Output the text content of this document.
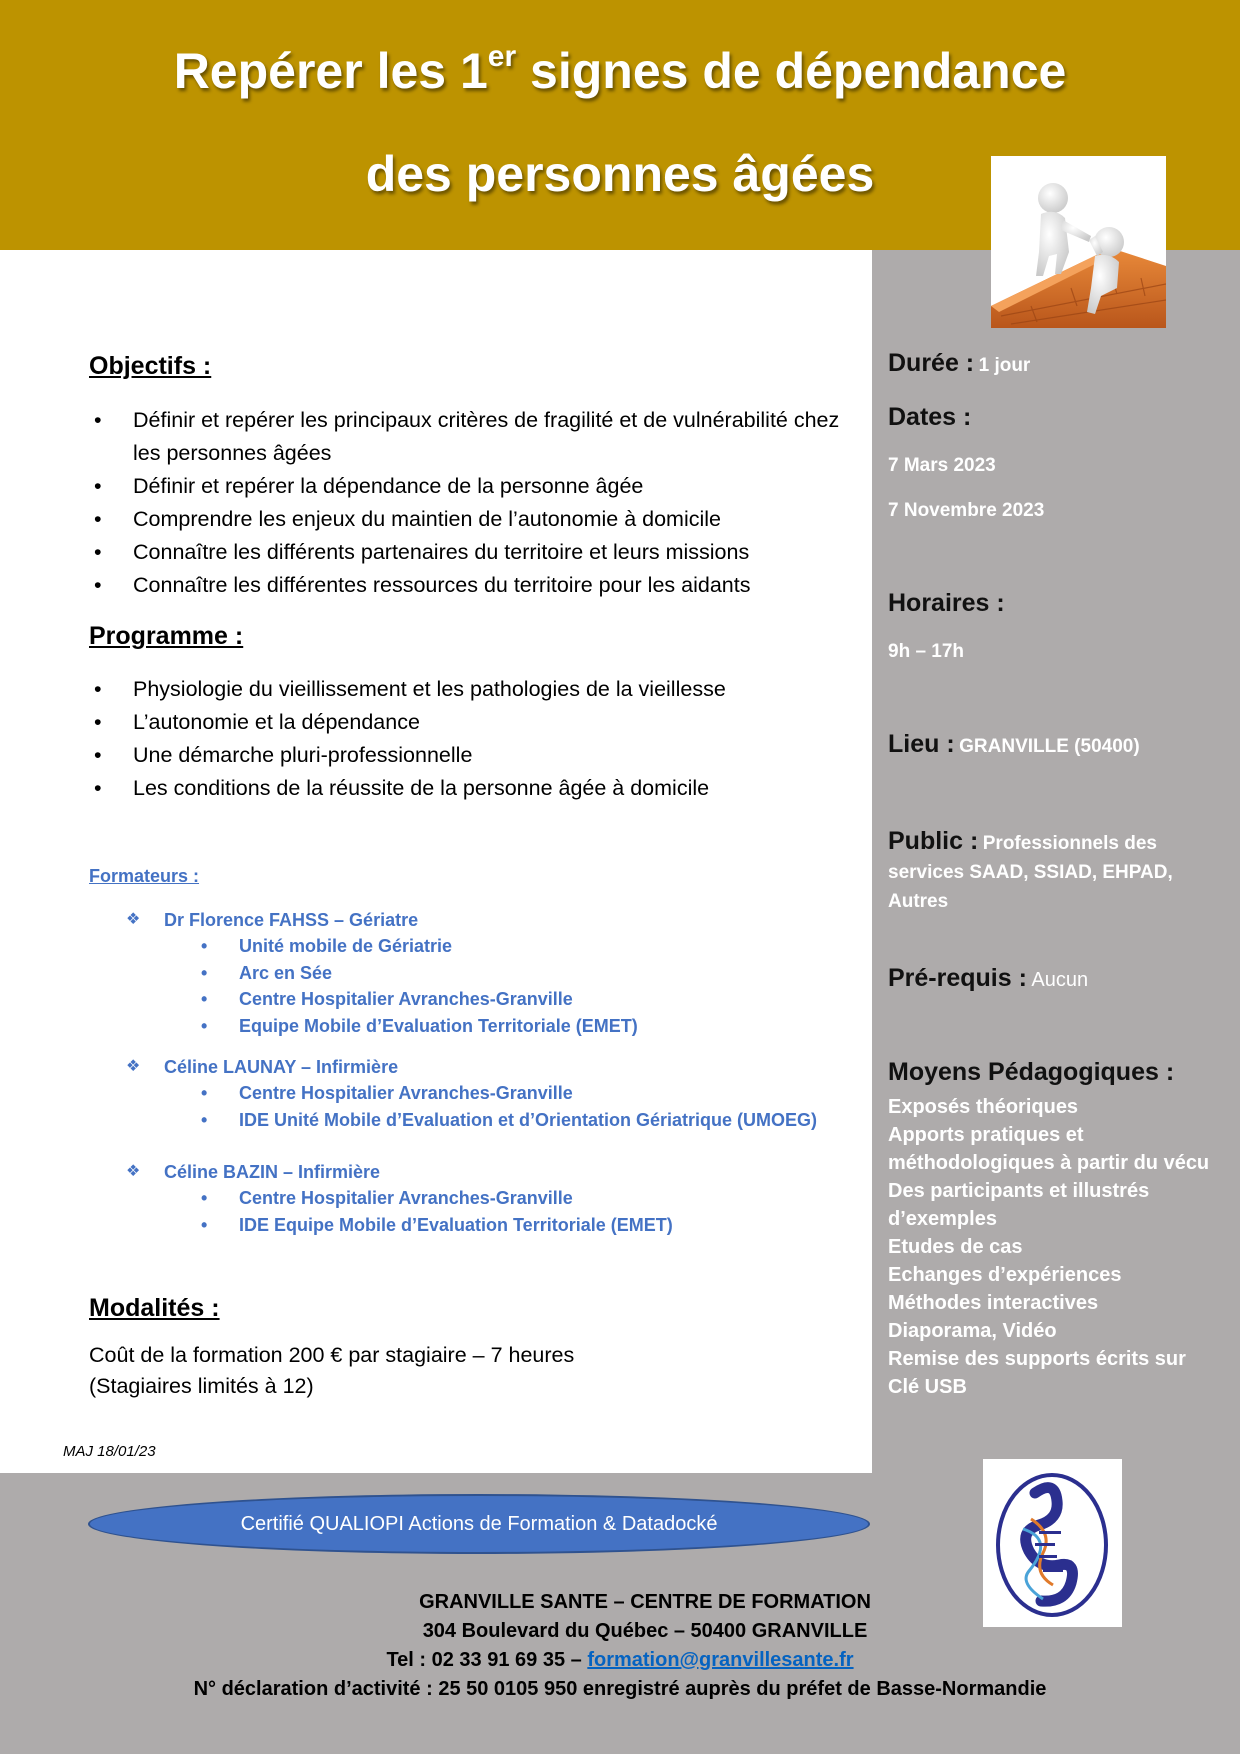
Repérer les 1er signes de dépendance
des personnes âgées
Durée : 1 jour
Dates :
7 Mars 2023
7 Novembre 2023
Horaires :
9h – 17h
Lieu : GRANVILLE (50400)
Public : Professionnels des
services SAAD, SSIAD, EHPAD,
Autres
Pré-requis : Aucun
Moyens Pédagogiques :
Exposés théoriques
Apports pratiques et
méthodologiques à partir du vécu
Des participants et illustrés
d’exemples
Etudes de cas
Echanges d’expériences
Méthodes interactives
Diaporama, Vidéo
Remise des supports écrits sur
Clé USB
Objectifs :
• Définir et repérer les principaux critères de fragilité et de vulnérabilité chez les personnes âgées
• Définir et repérer la dépendance de la personne âgée
• Comprendre les enjeux du maintien de l’autonomie à domicile
• Connaître les différents partenaires du territoire et leurs missions
• Connaître les différentes ressources du territoire pour les aidants
Programme :
• Physiologie du vieillissement et les pathologies de la vieillesse
• L’autonomie et la dépendance
• Une démarche pluri-professionnelle
• Les conditions de la réussite de la personne âgée à domicile
Formateurs :
❖ Dr Florence FAHSS – Gériatre
• Unité mobile de Gériatrie
• Arc en Sée
• Centre Hospitalier Avranches-Granville
• Equipe Mobile d’Evaluation Territoriale (EMET)
❖ Céline LAUNAY – Infirmière
• Centre Hospitalier Avranches-Granville
• IDE Unité Mobile d’Evaluation et d’Orientation Gériatrique (UMOEG)
❖ Céline BAZIN – Infirmière
• Centre Hospitalier Avranches-Granville
• IDE Equipe Mobile d’Evaluation Territoriale (EMET)
Modalités :
Coût de la formation 200 € par stagiaire – 7 heures
(Stagiaires limités à 12)
MAJ 18/01/23
Certifié QUALIOPI Actions de Formation & Datadocké
GRANVILLE SANTE – CENTRE DE FORMATION
304 Boulevard du Québec – 50400 GRANVILLE
Tel : 02 33 91 69 35 – formation@granvillesante.fr
N° déclaration d’activité : 25 50 0105 950 enregistré auprès du préfet de Basse-Normandie
